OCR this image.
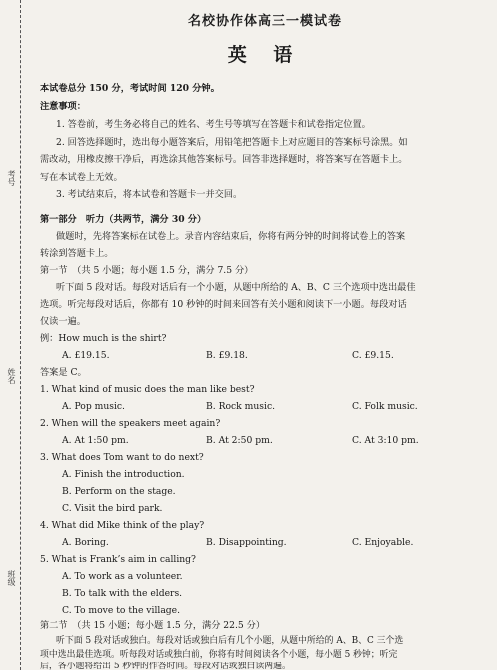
考号
姓名
班级
名校协作体高三一模试卷
英 语
本试卷总分 150 分，考试时间 120 分钟。
注意事项：
1. 答卷前，考生务必将自己的姓名、考生号等填写在答题卡和试卷指定位置。
2. 回答选择题时，选出每小题答案后，用铅笔把答题卡上对应题目的答案标号涂黑。如
需改动，用橡皮擦干净后，再选涂其他答案标号。回答非选择题时，将答案写在答题卡上。
写在本试卷上无效。
3. 考试结束后，将本试卷和答题卡一并交回。
第一部分　听力（共两节，满分 30 分）
做题时，先将答案标在试卷上。录音内容结束后，你将有两分钟的时间将试卷上的答案
转涂到答题卡上。
第一节　（共 5 小题；每小题 1.5 分，满分 7.5 分）
听下面 5 段对话。每段对话后有一个小题，从题中所给的 A、B、C 三个选项中选出最佳
选项。听完每段对话后，你都有 10 秒钟的时间来回答有关小题和阅读下一小题。每段对话
仅读一遍。
例：How much is the shirt?
A. £19.15.	B. £9.18.	C. £9.15.
答案是 C。
1. What kind of music does the man like best?
A. Pop music.	B. Rock music.	C. Folk music.
2. When will the speakers meet again?
A. At 1:50 pm.	B. At 2:50 pm.	C. At 3:10 pm.
3. What does Tom want to do next?
A. Finish the introduction.
B. Perform on the stage.
C. Visit the bird park.
4. What did Mike think of the play?
A. Boring.	B. Disappointing.	C. Enjoyable.
5. What is Frank’s aim in calling?
A. To work as a volunteer.
B. To talk with the elders.
C. To move to the village.
第二节　（共 15 小题；每小题 1.5 分，满分 22.5 分）
听下面 5 段对话或独白。每段对话或独白后有几个小题，从题中所给的 A、B、C 三个选
项中选出最佳选项。听每段对话或独白前，你将有时间阅读各个小题，每小题 5 秒钟；听完
后，各小题将给出 5 秒钟的作答时间。每段对话或独白读两遍。
